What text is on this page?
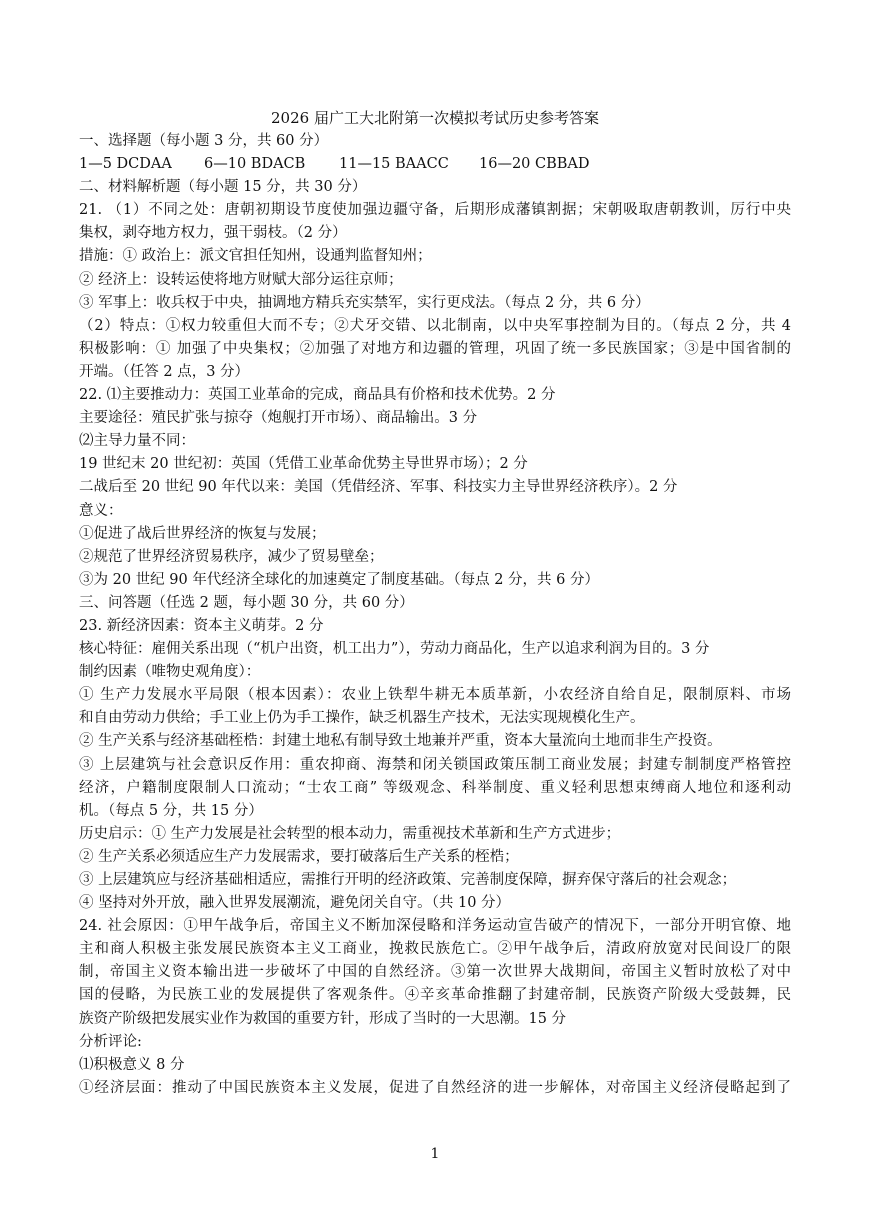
2026 届广工大北附第一次模拟考试历史参考答案
一、选择题（每小题 3 分，共 60 分）
1—5 DCDAA	6—10 BDACB	11—15 BAACC	16—20 CBBAD
二、材料解析题（每小题 15 分，共 30 分）
21. （1）不同之处：唐朝初期设节度使加强边疆守备，后期形成藩镇割据；宋朝吸取唐朝教训，厉行中央
集权，剥夺地方权力，强干弱枝。（2 分）
措施：① 政治上：派文官担任知州，设通判监督知州；
② 经济上：设转运使将地方财赋大部分运往京师；
③ 军事上：收兵权于中央，抽调地方精兵充实禁军，实行更戍法。（每点 2 分，共 6 分）
（2）特点：①权力较重但大而不专；②犬牙交错、以北制南，以中央军事控制为目的。（每点 2 分，共 4
积极影响：① 加强了中央集权；②加强了对地方和边疆的管理，巩固了统一多民族国家；③是中国省制的
开端。（任答 2 点，3 分）
22. ⑴主要推动力：英国工业革命的完成，商品具有价格和技术优势。2 分
主要途径：殖民扩张与掠夺（炮舰打开市场）、商品输出。3 分
⑵主导力量不同：
19 世纪末 20 世纪初：英国（凭借工业革命优势主导世界市场）；2 分
二战后至 20 世纪 90 年代以来：美国（凭借经济、军事、科技实力主导世界经济秩序）。2 分
意义：
①促进了战后世界经济的恢复与发展；
②规范了世界经济贸易秩序，减少了贸易壁垒；
③为 20 世纪 90 年代经济全球化的加速奠定了制度基础。（每点 2 分，共 6 分）
三、问答题（任选 2 题，每小题 30 分，共 60 分）
23. 新经济因素：资本主义萌芽。2 分
核心特征：雇佣关系出现（“机户出资，机工出力”），劳动力商品化，生产以追求利润为目的。3 分
制约因素（唯物史观角度）：
① 生产力发展水平局限（根本因素）：农业上铁犁牛耕无本质革新，小农经济自给自足，限制原料、市场
和自由劳动力供给；手工业上仍为手工操作，缺乏机器生产技术，无法实现规模化生产。
② 生产关系与经济基础桎梏：封建土地私有制导致土地兼并严重，资本大量流向土地而非生产投资。
③ 上层建筑与社会意识反作用：重农抑商、海禁和闭关锁国政策压制工商业发展；封建专制制度严格管控
经济，户籍制度限制人口流动；“士农工商” 等级观念、科举制度、重义轻利思想束缚商人地位和逐利动
机。（每点 5 分，共 15 分）
历史启示：① 生产力发展是社会转型的根本动力，需重视技术革新和生产方式进步；
② 生产关系必须适应生产力发展需求，要打破落后生产关系的桎梏；
③ 上层建筑应与经济基础相适应，需推行开明的经济政策、完善制度保障，摒弃保守落后的社会观念；
④ 坚持对外开放，融入世界发展潮流，避免闭关自守。（共 10 分）
24. 社会原因：①甲午战争后，帝国主义不断加深侵略和洋务运动宣告破产的情况下，一部分开明官僚、地
主和商人积极主张发展民族资本主义工商业，挽救民族危亡。②甲午战争后，清政府放宽对民间设厂的限
制，帝国主义资本输出进一步破坏了中国的自然经济。③第一次世界大战期间，帝国主义暂时放松了对中
国的侵略，为民族工业的发展提供了客观条件。④辛亥革命推翻了封建帝制，民族资产阶级大受鼓舞，民
族资产阶级把发展实业作为救国的重要方针，形成了当时的一大思潮。15 分
分析评论:
⑴积极意义 8 分
①经济层面：推动了中国民族资本主义发展，促进了自然经济的进一步解体，对帝国主义经济侵略起到了
1
